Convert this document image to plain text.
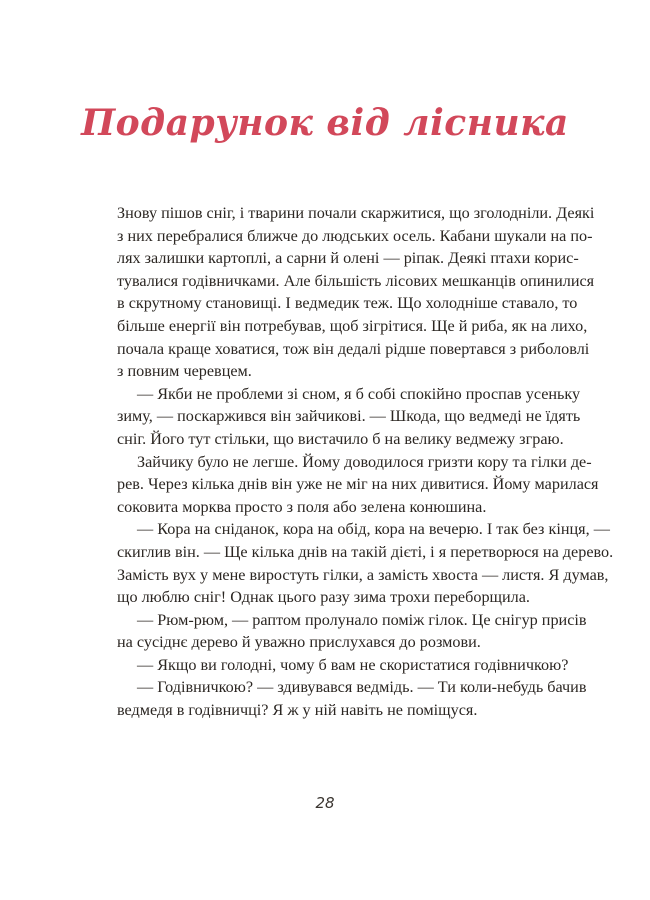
Подарунок від лісника
Знову пішов сніг, і тварини почали скаржитися, що зголодніли. Деякі
з них перебралися ближче до людських осель. Кабани шукали на по-
лях залишки картоплі, а сарни й олені — ріпак. Деякі птахи корис-
тувалися годівничками. Але більшість лісових мешканців опинилися
в скрутному становищі. І ведмедик теж. Що холодніше ставало, то
більше енергії він потребував, щоб зігрітися. Ще й риба, як на лихо,
почала краще ховатися, тож він дедалі рідше повертався з риболовлі
з повним черевцем.
— Якби не проблеми зі сном, я б собі спокійно проспав усеньку
зиму, — поскаржився він зайчикові. — Шкода, що ведмеді не їдять
сніг. Його тут стільки, що вистачило б на велику ведмежу зграю.
Зайчику було не легше. Йому доводилося гризти кору та гілки де-
рев. Через кілька днів він уже не міг на них дивитися. Йому марилася
соковита морква просто з поля або зелена конюшина.
— Кора на сніданок, кора на обід, кора на вечерю. І так без кінця, —
скиглив він. — Ще кілька днів на такій дієті, і я перетворюся на дерево.
Замість вух у мене виростуть гілки, а замість хвоста — листя. Я думав,
що люблю сніг! Однак цього разу зима трохи переборщила.
— Рюм-рюм, — раптом пролунало поміж гілок. Це снігур присів
на сусіднє дерево й уважно прислухався до розмови.
— Якщо ви голодні, чому б вам не скористатися годівничкою?
— Годівничкою? — здивувався ведмідь. — Ти коли-небудь бачив
ведмедя в годівничці? Я ж у ній навіть не поміщуся.
28
